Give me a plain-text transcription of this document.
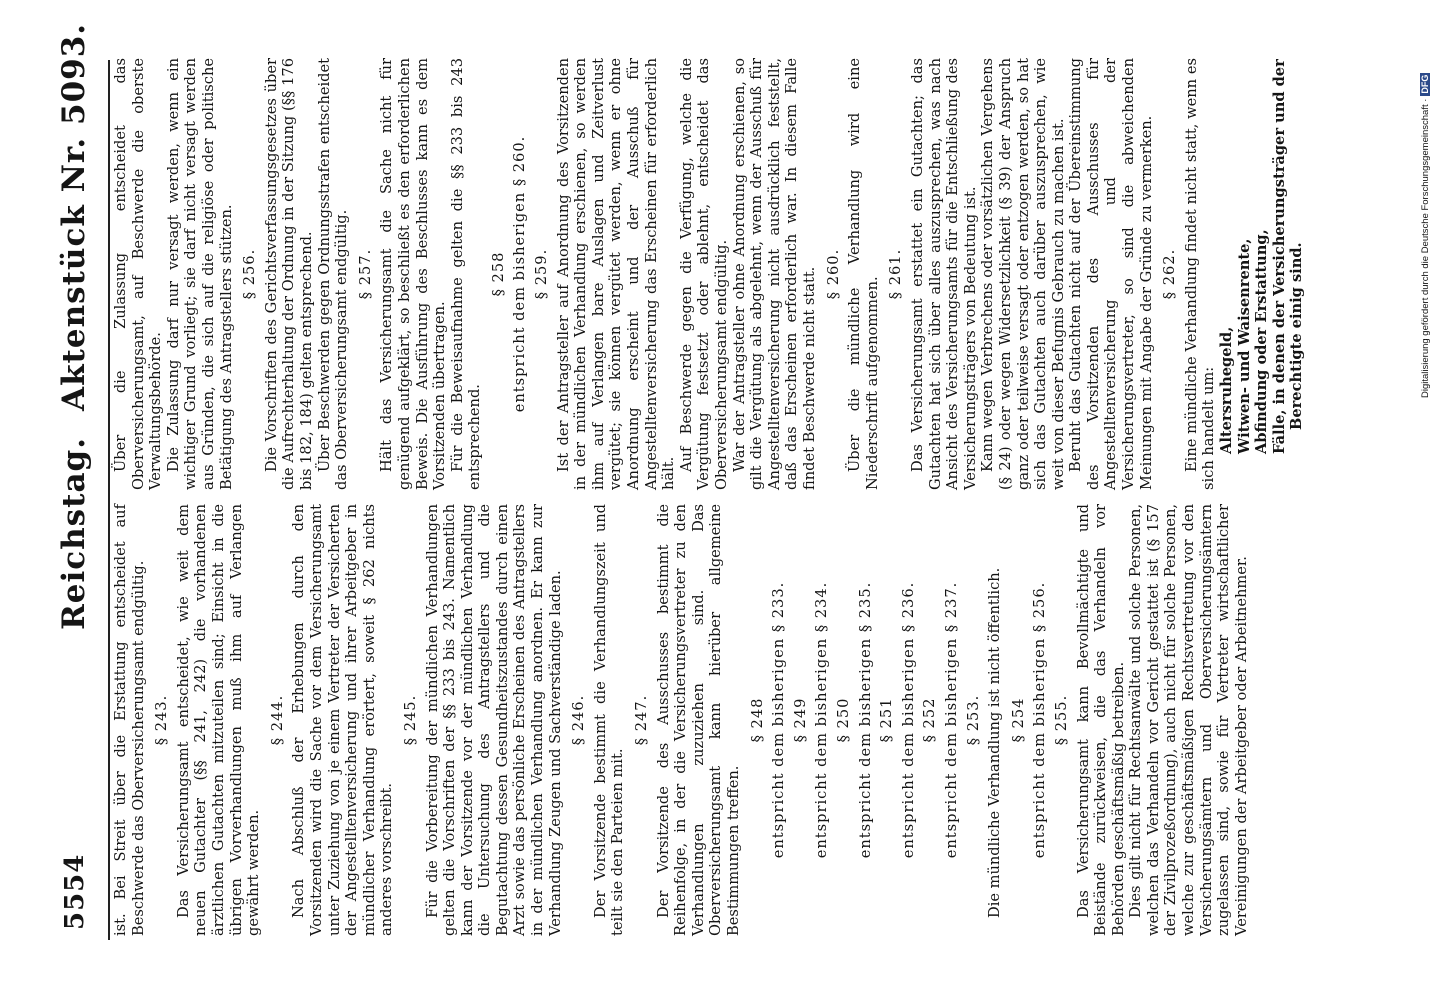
5554
Reichstag.Aktenstück Nr. 5093.

ist. Bei Streit über die Erstattung entscheidet auf Beschwerde das Oberversicherungsamt endgültig. § 243. Das Versicherungsamt entscheidet, wie weit dem neuen Gutachter (§§ 241, 242) die vorhandenen ärztlichen Gutachten mitzuteilen sind; Einsicht in die übrigen Vorverhandlungen muß ihm auf Verlangen gewährt werden.

§ 244. Nach Abschluß der Erhebungen durch den Vorsitzenden wird die Sache vor dem Versicherungsamt unter Zuziehung von je einem Vertreter der Versicherten der Angestelltenversicherung und ihrer Arbeitgeber in mündlicher Verhandlung erörtert, soweit § 262 nichts anderes vorschreibt.

§ 245. Für die Vorbereitung der mündlichen Verhandlungen gelten die Vorschriften der §§ 233 bis 243. Namentlich kann der Vorsitzende vor der mündlichen Verhandlung die Untersuchung des Antragstellers und die Begutachtung dessen Gesundheitszustandes durch einen Arzt sowie das persönliche Erscheinen des Antragstellers in der mündlichen Verhandlung anordnen. Er kann zur Verhandlung Zeugen und Sachverständige laden. § 246. Der Vorsitzende bestimmt die Verhandlungszeit und teilt sie den Parteien mit.

§ 247. Der Vorsitzende des Ausschusses bestimmt die Reihenfolge, in der die Versicherungsvertreter zu den Verhandlungen zuzuziehen sind. Das Oberversicherungsamt kann hierüber allgemeine Bestimmungen treffen.

§ 248 entspricht dem bisherigen § 233. § 249 entspricht dem bisherigen § 234. § 250 entspricht dem bisherigen § 235. § 251 entspricht dem bisherigen § 236. § 252 entspricht dem bisherigen § 237. § 253. Die mündliche Verhandlung ist nicht öffentlich. § 254 entspricht dem bisherigen § 256. § 255. Das Versicherungsamt kann Bevollmächtigte und Beistände zurückweisen, die das Verhandeln vor Behörden geschäftsmäßig betreiben. Dies gilt nicht für Rechtsanwälte und solche Personen, welchen das Verhandeln vor Gericht gestattet ist (§ 157 der Zivilprozeßordnung), auch nicht für solche Personen, welche zur geschäftsmäßigen Rechtsvertretung vor den Versicherungsämtern und Oberversicherungsämtern zugelassen sind, sowie für Vertreter wirtschaftlicher Vereinigungen der Arbeitgeber oder Arbeitnehmer.

Über die Zulassung entscheidet das Oberversicherungsamt, auf Beschwerde die oberste Verwaltungsbehörde. Die Zulassung darf nur versagt werden, wenn ein wichtiger Grund vorliegt; sie darf nicht versagt werden aus Gründen, die sich auf die religiöse oder politische Betätigung des Antragstellers stützen. § 256. Die Vorschriften des Gerichtsverfassungsgesetzes über die Aufrechterhaltung der Ordnung in der Sitzung (§§ 176 bis 182, 184) gelten entsprechend. Über Beschwerden gegen Ordnungsstrafen entscheidet das Oberversicherungsamt endgültig. § 257. Hält das Versicherungsamt die Sache nicht für genügend aufgeklärt, so beschließt es den erforderlichen Beweis. Die Ausführung des Beschlusses kann es dem Vorsitzenden übertragen. Für die Beweisaufnahme gelten die §§ 233 bis 243 entsprechend.

§ 258 entspricht dem bisherigen § 260. § 259. Ist der Antragsteller auf Anordnung des Vorsitzenden in der mündlichen Verhandlung erschienen, so werden ihm auf Verlangen bare Auslagen und Zeitverlust vergütet; sie können vergütet werden, wenn er ohne Anordnung erscheint und der Ausschuß für Angestelltenversicherung das Erscheinen für erforderlich hält.

Auf Beschwerde gegen die Verfügung, welche die Vergütung festsetzt oder ablehnt, entscheidet das Oberversicherungsamt endgültig. War der Antragsteller ohne Anordnung erschienen, so gilt die Vergütung als abgelehnt, wenn der Ausschuß für Angestelltenversicherung nicht ausdrücklich feststellt, daß das Erscheinen erforderlich war. In diesem Falle findet Beschwerde nicht statt. § 260. Über die mündliche Verhandlung wird eine Niederschrift aufgenommen.

§ 261. Das Versicherungsamt erstattet ein Gutachten; das Gutachten hat sich über alles auszusprechen, was nach Ansicht des Versicherungsamts für die Entschließung des Versicherungsträgers von Bedeutung ist. Kann wegen Verbrechens oder vorsätzlichen Vergehens (§ 24) oder wegen Widersetzlichkeit (§ 39) der Anspruch ganz oder teilweise versagt oder entzogen werden, so hat sich das Gutachten auch darüber auszusprechen, wie weit von dieser Befugnis Gebrauch zu machen ist. Beruht das Gutachten nicht auf der Übereinstimmung des Vorsitzenden des Ausschusses für Angestelltenversicherung und der Versicherungsvertreter, so sind die abweichenden Meinungen mit Angabe der Gründe zu vermerken. § 262. Eine mündliche Verhandlung findet nicht statt, wenn es sich handelt um: Altersruhegeld, Witwen- und Waisenrente, Abfindung oder Erstattung, Fälle, in denen der Versicherungsträger und der Berechtigte einig sind.	Digitalisierung gefördert durch die Deutsche Forschungsgemeinschaft ·DFG
